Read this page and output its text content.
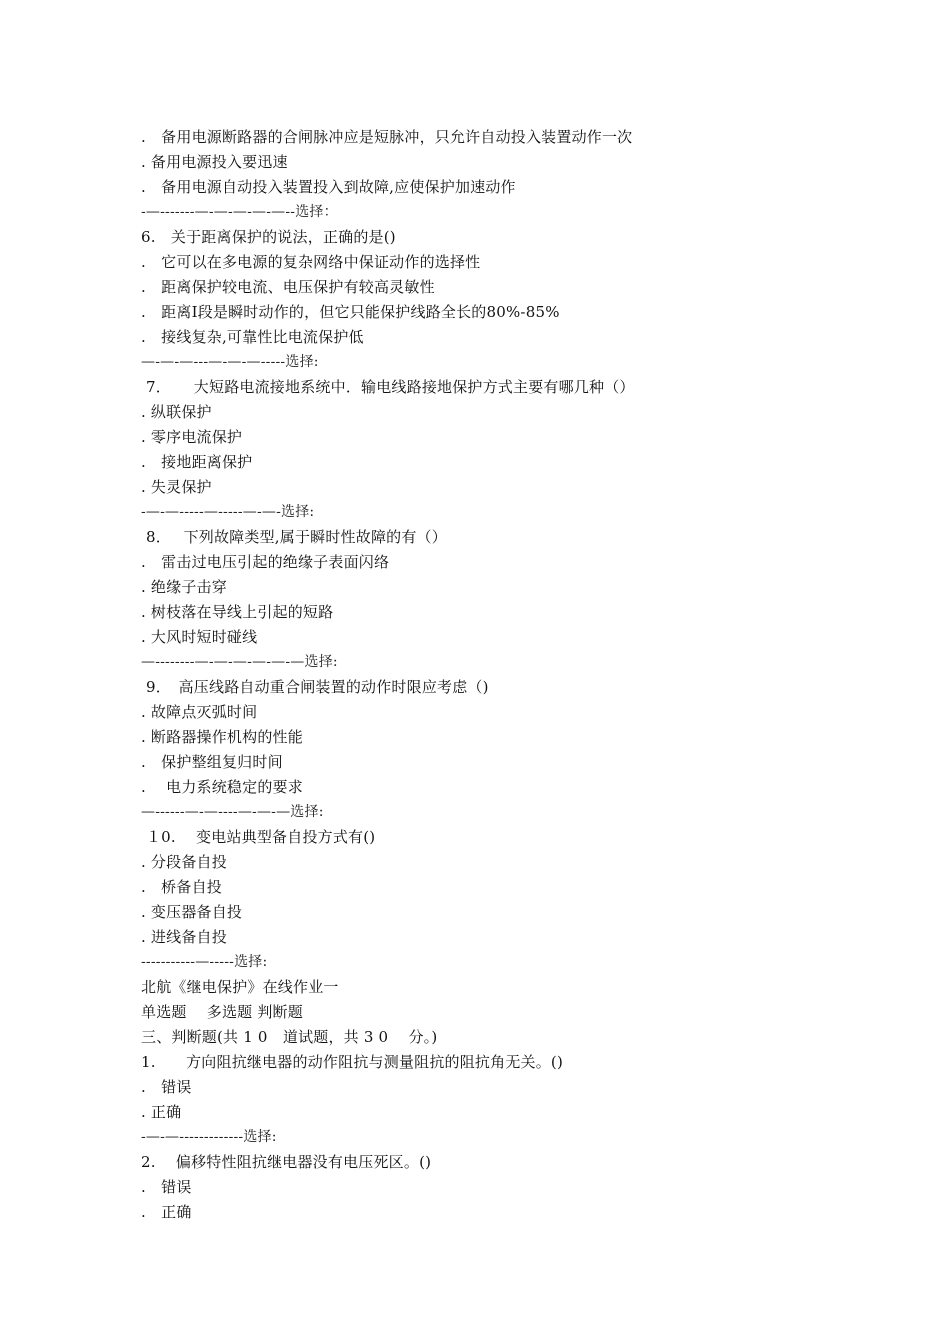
.　备用电源断路器的合闸脉冲应是短脉冲，只允许自动投入装置动作一次
. 备用电源投入要迅速
.　备用电源自动投入装置投入到故障,应使保护加速动作
-—-------—-—-—-—-—--选择：
6.　关于距离保护的说法，正确的是()
.　它可以在多电源的复杂网络中保证动作的选择性
.　距离保护较电流、电压保护有较高灵敏性
.　距离Ⅰ段是瞬时动作的，但它只能保护线路全长的80%-85%
.　接线复杂,可靠性比电流保护低
—-—-—---—-—-—-----选择:
7．　　大短路电流接地系统中．输电线路接地保护方式主要有哪几种（）
. 纵联保护
. 零序电流保护
.　接地距离保护
. 失灵保护
-—-—-----—-----—-—-选择:
8．　 下列故障类型,属于瞬时性故障的有（）
.　雷击过电压引起的绝缘子表面闪络
. 绝缘子击穿
. 树枝落在导线上引起的短路
. 大风时短时碰线
—--------—-—-—-—-—-—选择:
9．　高压线路自动重合闸装置的动作时限应考虑（)
. 故障点灭弧时间
. 断路器操作机构的性能
.　保护整组复归时间
.　 电力系统稳定的要求
—------—-—----—-—-—选择:
１0.　 变电站典型备自投方式有()
. 分段备自投
.　桥备自投
. 变压器备自投
. 进线备自投
-----------—-----选择:
北航《继电保护》在线作业一
单选题　 多选题 判断题
三、判断题(共 1 0　道试题，共 3 0　 分。)
1.　　方向阻抗继电器的动作阻抗与测量阻抗的阻抗角无关。()
.　错误
. 正确
-—-—-------------选择:
2.　 偏移特性阻抗继电器没有电压死区。()
.　错误
.　正确
